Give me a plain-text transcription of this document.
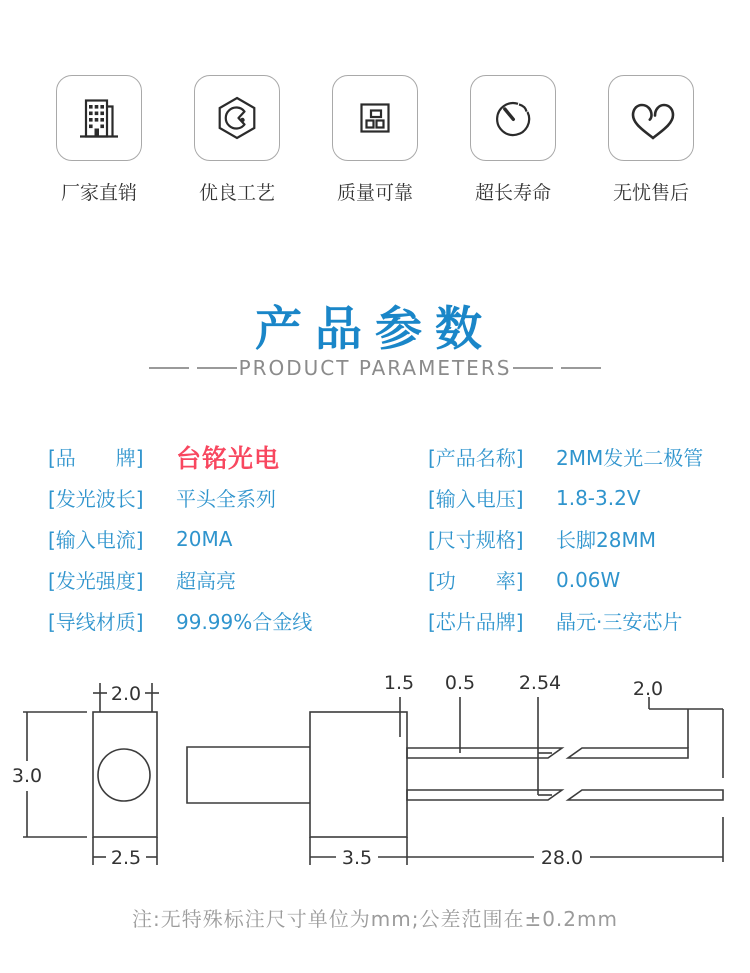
厂家直销	优良工艺	质量可靠	超长寿命	无忧售后
产品参数
PRODUCT PARAMETERS
[品　　牌]	台铭光电
[发光波长]	平头全系列
[输入电流]	20MA
[发光强度]	超高亮
[导线材质]	99.99%合金线
[产品名称]	2MM发光二极管
[输入电压]	1.8-3.2V
[尺寸规格]	长脚28MM
[功　　率]	0.06W
[芯片品牌]	晶元·三安芯片
2.0
3.0
2.5
1.5 0.5 2.54	2.0
3.5	28.0
注:无特殊标注尺寸单位为mm;公差范围在±0.2mm
